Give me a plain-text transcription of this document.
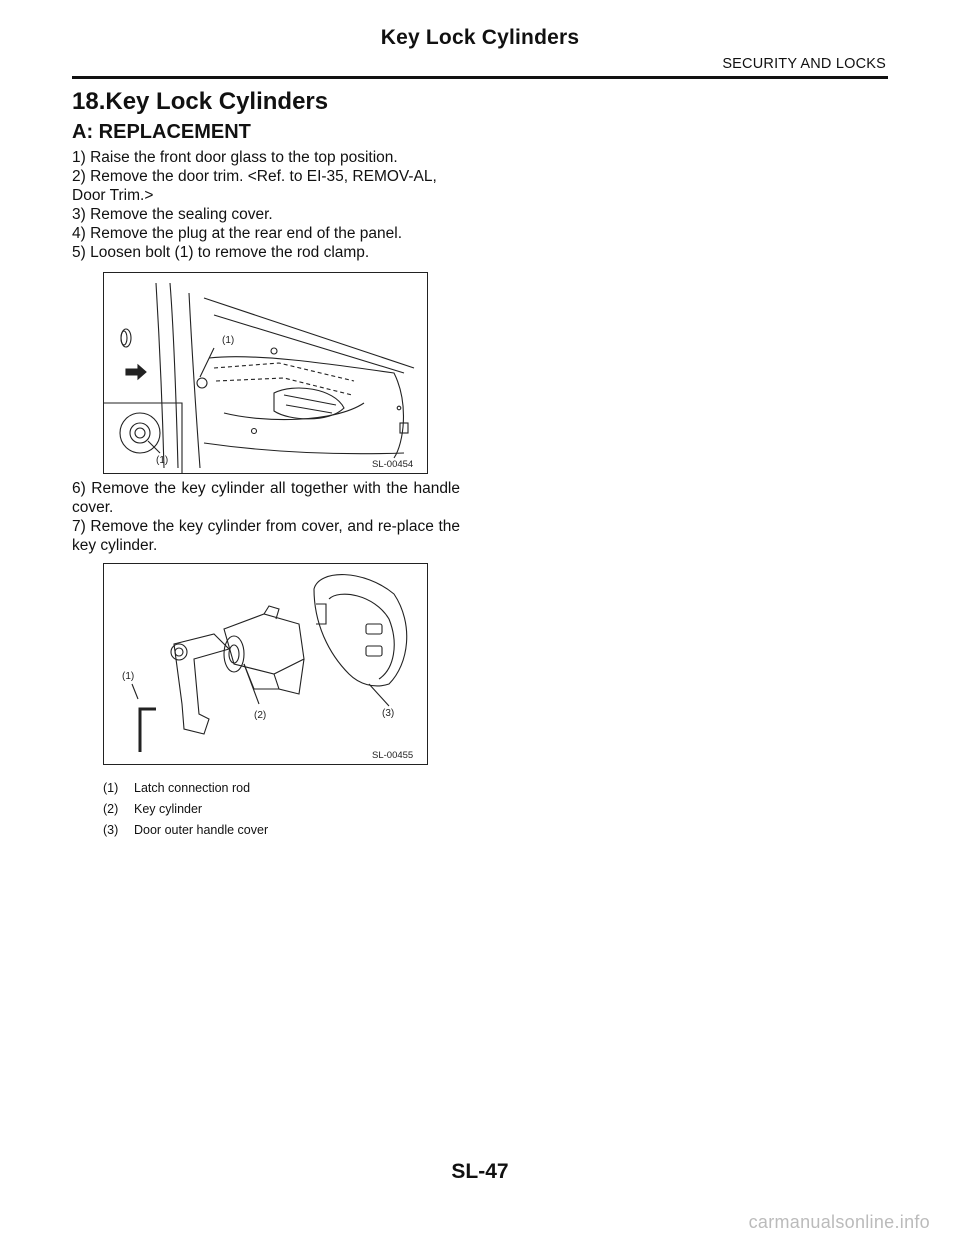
Key Lock Cylinders
SECURITY AND LOCKS
18.Key Lock Cylinders
A: REPLACEMENT

1) Raise the front door glass to the top position.

2) Remove the door trim. <Ref. to EI-35, REMOV-AL, Door Trim.>

3) Remove the sealing cover.

4) Remove the plug at the rear end of the panel.

5) Loosen bolt (1) to remove the rod clamp.

(1)
(1)	SL-00454

6) Remove the key cylinder all together with the handle cover.

7) Remove the key cylinder from cover, and re-place the key cylinder.

(1)
(2)	(3)
SL-00455
(1)	Latch connection rod
(2)	Key cylinder
(3)	Door outer handle cover
SL-47
carmanualsonline.info
